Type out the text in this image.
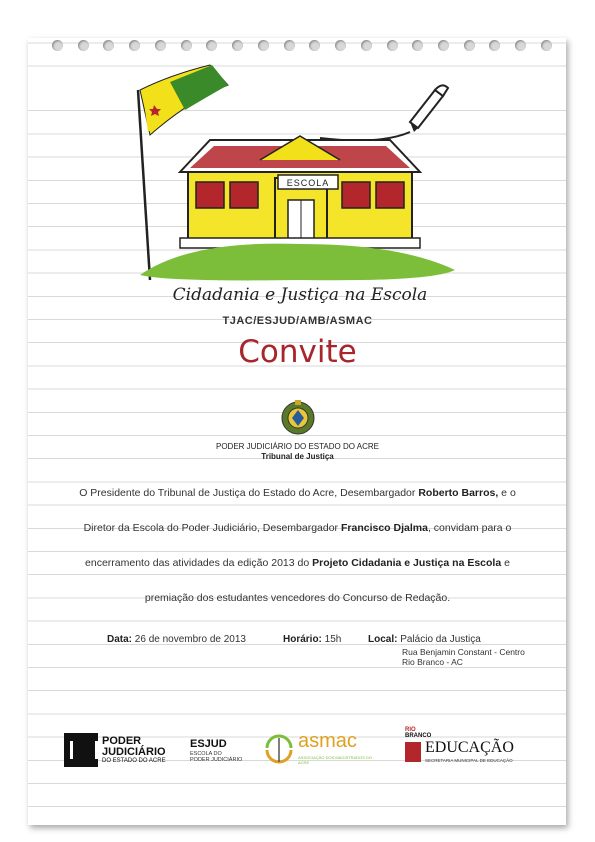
ESCOLA
Cidadania e Justiça na Escola
TJAC/ESJUD/AMB/ASMAC
Convite
PODER JUDICIÁRIO DO ESTADO DO ACRE
Tribunal de Justiça
O Presidente do Tribunal de Justiça do Estado do Acre, Desembargador Roberto Barros, e o
Diretor da Escola do Poder Judiciário, Desembargador Francisco Djalma, convidam para o
encerramento das atividades da edição 2013 do Projeto Cidadania e Justiça na Escola e
premiação dos estudantes vencedores do Concurso de Redação.
Data: 26 de novembro de 2013	Horário: 15h	Local: Palácio da Justiça
Rua Benjamin Constant - Centro
Rio Branco - AC
PODER
JUDICIÁRIO
DO ESTADO DO ACRE
ESJUD
ESCOLA DO
PODER JUDICIÁRIO
asmac
ASSOCIAÇÃO DOS MAGISTRADOS DO ACRE
RIO
BRANCO
EDUCAÇÃO
SECRETARIA MUNICIPAL DE EDUCAÇÃO
